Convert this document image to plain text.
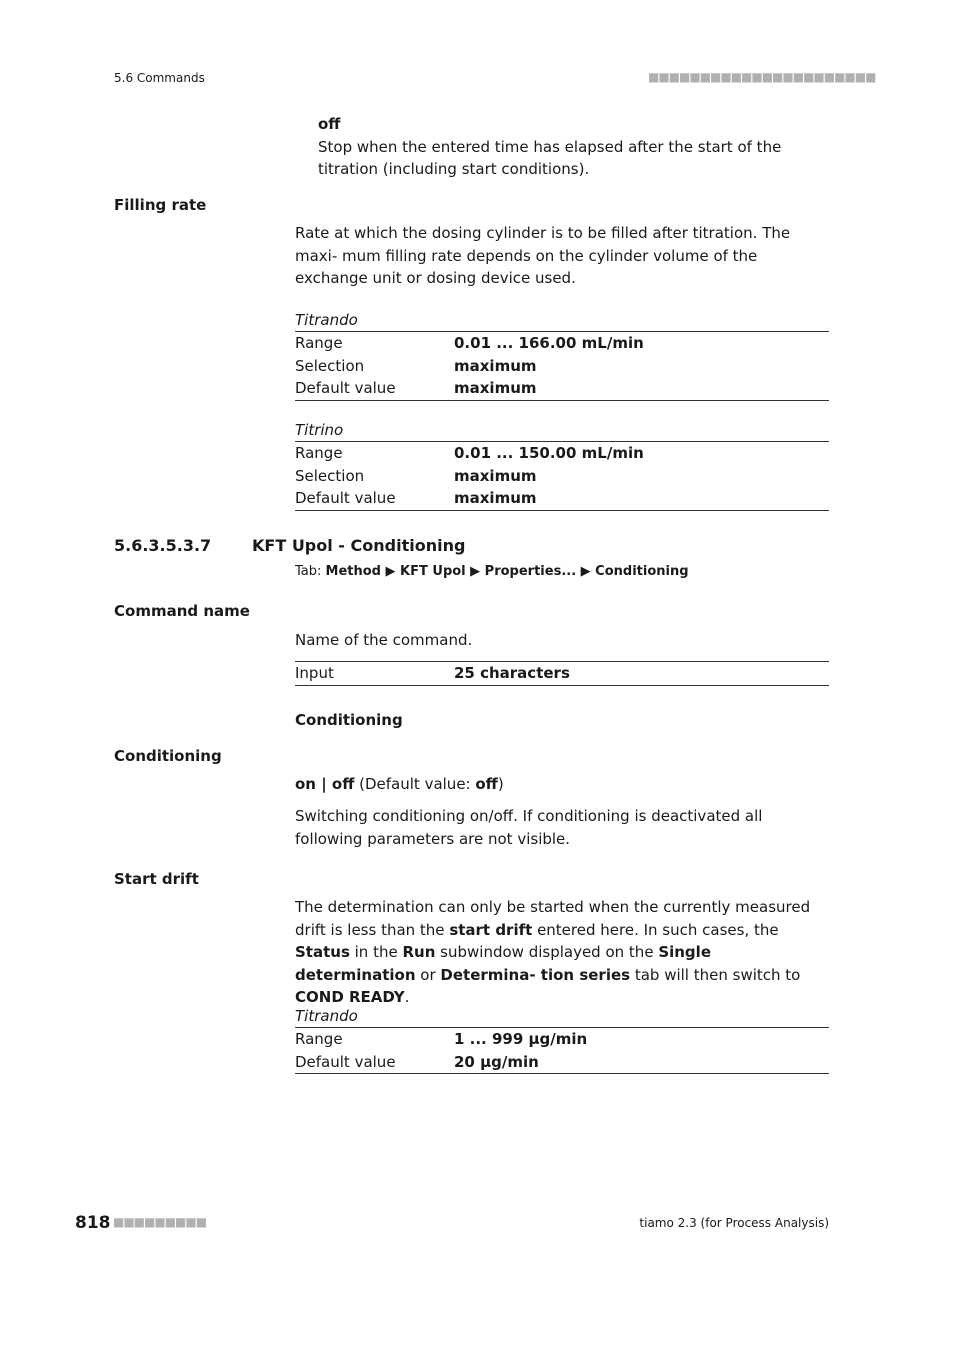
5.6 Commands	■■■■■■■■■■■■■■■■■■■■■■
off
Stop when the entered time has elapsed after the start of the titration (including start conditions).
Filling rate
Rate at which the dosing cylinder is to be filled after titration. The maxi- mum filling rate depends on the cylinder volume of the exchange unit or dosing device used.
Titrando
Range	0.01 ... 166.00 mL/min
Selection	maximum
Default value	maximum
Titrino
Range	0.01 ... 150.00 mL/min
Selection	maximum
Default value	maximum
5.6.3.5.3.7	KFT Upol - Conditioning
Tab: Method ▶ KFT Upol ▶ Properties... ▶ Conditioning
Command name
Name of the command.
Input	25 characters
Conditioning
Conditioning
on | off (Default value: off)
Switching conditioning on/off. If conditioning is deactivated all following parameters are not visible.
Start drift
The determination can only be started when the currently measured drift is less than the start drift entered here. In such cases, the Status in the Run subwindow displayed on the Single determination or Determina- tion series tab will then switch to COND READY.
Titrando
Range	1 ... 999 µg/min
Default value	20 µg/min
818 ■■■■■■■■■	tiamo 2.3 (for Process Analysis)
